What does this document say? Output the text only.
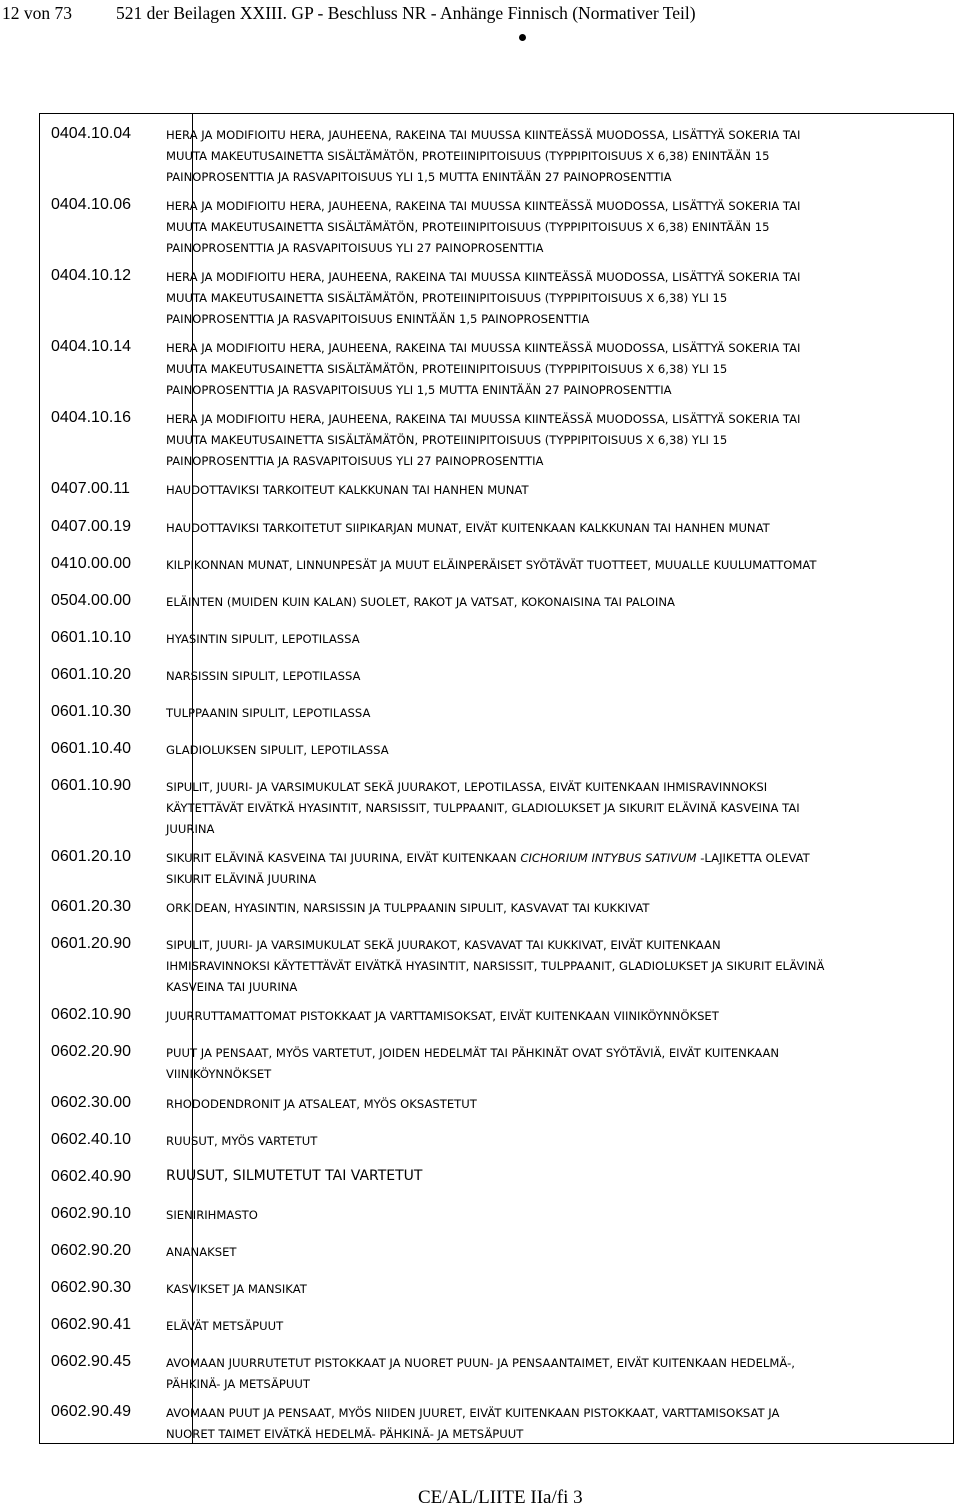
12 von 73	521 der Beilagen XXIII. GP - Beschluss NR - Anhänge Finnisch (Normativer Teil)
0404.10.04	HERA JA MODIFIOITU HERA, JAUHEENA, RAKEINA TAI MUUSSA KIINTEÄSSÄ MUODOSSA, LISÄTTYÄ SOKERIA TAI
MUUTA MAKEUTUSAINETTA SISÄLTÄMÄTÖN, PROTEIINIPITOISUUS (TYPPIPITOISUUS X 6,38) ENINTÄÄN 15
PAINOPROSENTTIA JA RASVAPITOISUUS YLI 1,5 MUTTA ENINTÄÄN 27 PAINOPROSENTTIA
0404.10.06	HERA JA MODIFIOITU HERA, JAUHEENA, RAKEINA TAI MUUSSA KIINTEÄSSÄ MUODOSSA, LISÄTTYÄ SOKERIA TAI
MUUTA MAKEUTUSAINETTA SISÄLTÄMÄTÖN, PROTEIINIPITOISUUS (TYPPIPITOISUUS X 6,38) ENINTÄÄN 15
PAINOPROSENTTIA JA RASVAPITOISUUS YLI 27 PAINOPROSENTTIA
0404.10.12	HERA JA MODIFIOITU HERA, JAUHEENA, RAKEINA TAI MUUSSA KIINTEÄSSÄ MUODOSSA, LISÄTTYÄ SOKERIA TAI
MUUTA MAKEUTUSAINETTA SISÄLTÄMÄTÖN, PROTEIINIPITOISUUS (TYPPIPITOISUUS X 6,38) YLI 15
PAINOPROSENTTIA JA RASVAPITOISUUS ENINTÄÄN 1,5 PAINOPROSENTTIA
0404.10.14	HERA JA MODIFIOITU HERA, JAUHEENA, RAKEINA TAI MUUSSA KIINTEÄSSÄ MUODOSSA, LISÄTTYÄ SOKERIA TAI
MUUTA MAKEUTUSAINETTA SISÄLTÄMÄTÖN, PROTEIINIPITOISUUS (TYPPIPITOISUUS X 6,38) YLI 15
PAINOPROSENTTIA JA RASVAPITOISUUS YLI 1,5 MUTTA ENINTÄÄN 27 PAINOPROSENTTIA
0404.10.16	HERA JA MODIFIOITU HERA, JAUHEENA, RAKEINA TAI MUUSSA KIINTEÄSSÄ MUODOSSA, LISÄTTYÄ SOKERIA TAI
MUUTA MAKEUTUSAINETTA SISÄLTÄMÄTÖN, PROTEIINIPITOISUUS (TYPPIPITOISUUS X 6,38) YLI 15
PAINOPROSENTTIA JA RASVAPITOISUUS YLI 27 PAINOPROSENTTIA
0407.00.11	HAUDOTTAVIKSI TARKOITEUT KALKKUNAN TAI HANHEN MUNAT
0407.00.19	HAUDOTTAVIKSI TARKOITETUT SIIPIKARJAN MUNAT, EIVÄT KUITENKAAN KALKKUNAN TAI HANHEN MUNAT
0410.00.00	KILPIKONNAN MUNAT, LINNUNPESÄT JA MUUT ELÄINPERÄISET SYÖTÄVÄT TUOTTEET, MUUALLE KUULUMATTOMAT
0504.00.00	ELÄINTEN (MUIDEN KUIN KALAN) SUOLET, RAKOT JA VATSAT, KOKONAISINA TAI PALOINA
0601.10.10	HYASINTIN SIPULIT, LEPOTILASSA
0601.10.20	NARSISSIN SIPULIT, LEPOTILASSA
0601.10.30	TULPPAANIN SIPULIT, LEPOTILASSA
0601.10.40	GLADIOLUKSEN SIPULIT, LEPOTILASSA
0601.10.90	SIPULIT, JUURI- JA VARSIMUKULAT SEKÄ JUURAKOT, LEPOTILASSA, EIVÄT KUITENKAAN IHMISRAVINNOKSI
KÄYTETTÄVÄT EIVÄTKÄ HYASINTIT, NARSISSIT, TULPPAANIT, GLADIOLUKSET JA SIKURIT ELÄVINÄ KASVEINA TAI
JUURINA
0601.20.10	SIKURIT ELÄVINÄ KASVEINA TAI JUURINA, EIVÄT KUITENKAAN CICHORIUM INTYBUS SATIVUM -LAJIKETTA OLEVAT
SIKURIT ELÄVINÄ JUURINA
0601.20.30	ORKIDEAN, HYASINTIN, NARSISSIN JA TULPPAANIN SIPULIT, KASVAVAT TAI KUKKIVAT
0601.20.90	SIPULIT, JUURI- JA VARSIMUKULAT SEKÄ JUURAKOT, KASVAVAT TAI KUKKIVAT, EIVÄT KUITENKAAN
IHMISRAVINNOKSI KÄYTETTÄVÄT EIVÄTKÄ HYASINTIT, NARSISSIT, TULPPAANIT, GLADIOLUKSET JA SIKURIT ELÄVINÄ
KASVEINA TAI JUURINA
0602.10.90	JUURRUTTAMATTOMAT PISTOKKAAT JA VARTTAMISOKSAT, EIVÄT KUITENKAAN VIINIKÖYNNÖKSET
0602.20.90	PUUT JA PENSAAT, MYÖS VARTETUT, JOIDEN HEDELMÄT TAI PÄHKINÄT OVAT SYÖTÄVIÄ, EIVÄT KUITENKAAN
VIINIKÖYNNÖKSET
0602.30.00	RHODODENDRONIT JA ATSALEAT, MYÖS OKSASTETUT
0602.40.10	RUUSUT, MYÖS VARTETUT
0602.40.90 RUUSUT, SILMUTETUT TAI VARTETUT
0602.90.10	SIENIRIHMASTO
0602.90.20	ANANAKSET
0602.90.30	KASVIKSET JA MANSIKAT
0602.90.41	ELÄVÄT METSÄPUUT
0602.90.45	AVOMAAN JUURRUTETUT PISTOKKAAT JA NUORET PUUN- JA PENSAANTAIMET, EIVÄT KUITENKAAN HEDELMÄ-,
PÄHKINÄ- JA METSÄPUUT
0602.90.49	AVOMAAN PUUT JA PENSAAT, MYÖS NIIDEN JUURET, EIVÄT KUITENKAAN PISTOKKAAT, VARTTAMISOKSAT JA
NUORET TAIMET EIVÄTKÄ HEDELMÄ- PÄHKINÄ- JA METSÄPUUT
CE/AL/LIITE IIa/fi 3
